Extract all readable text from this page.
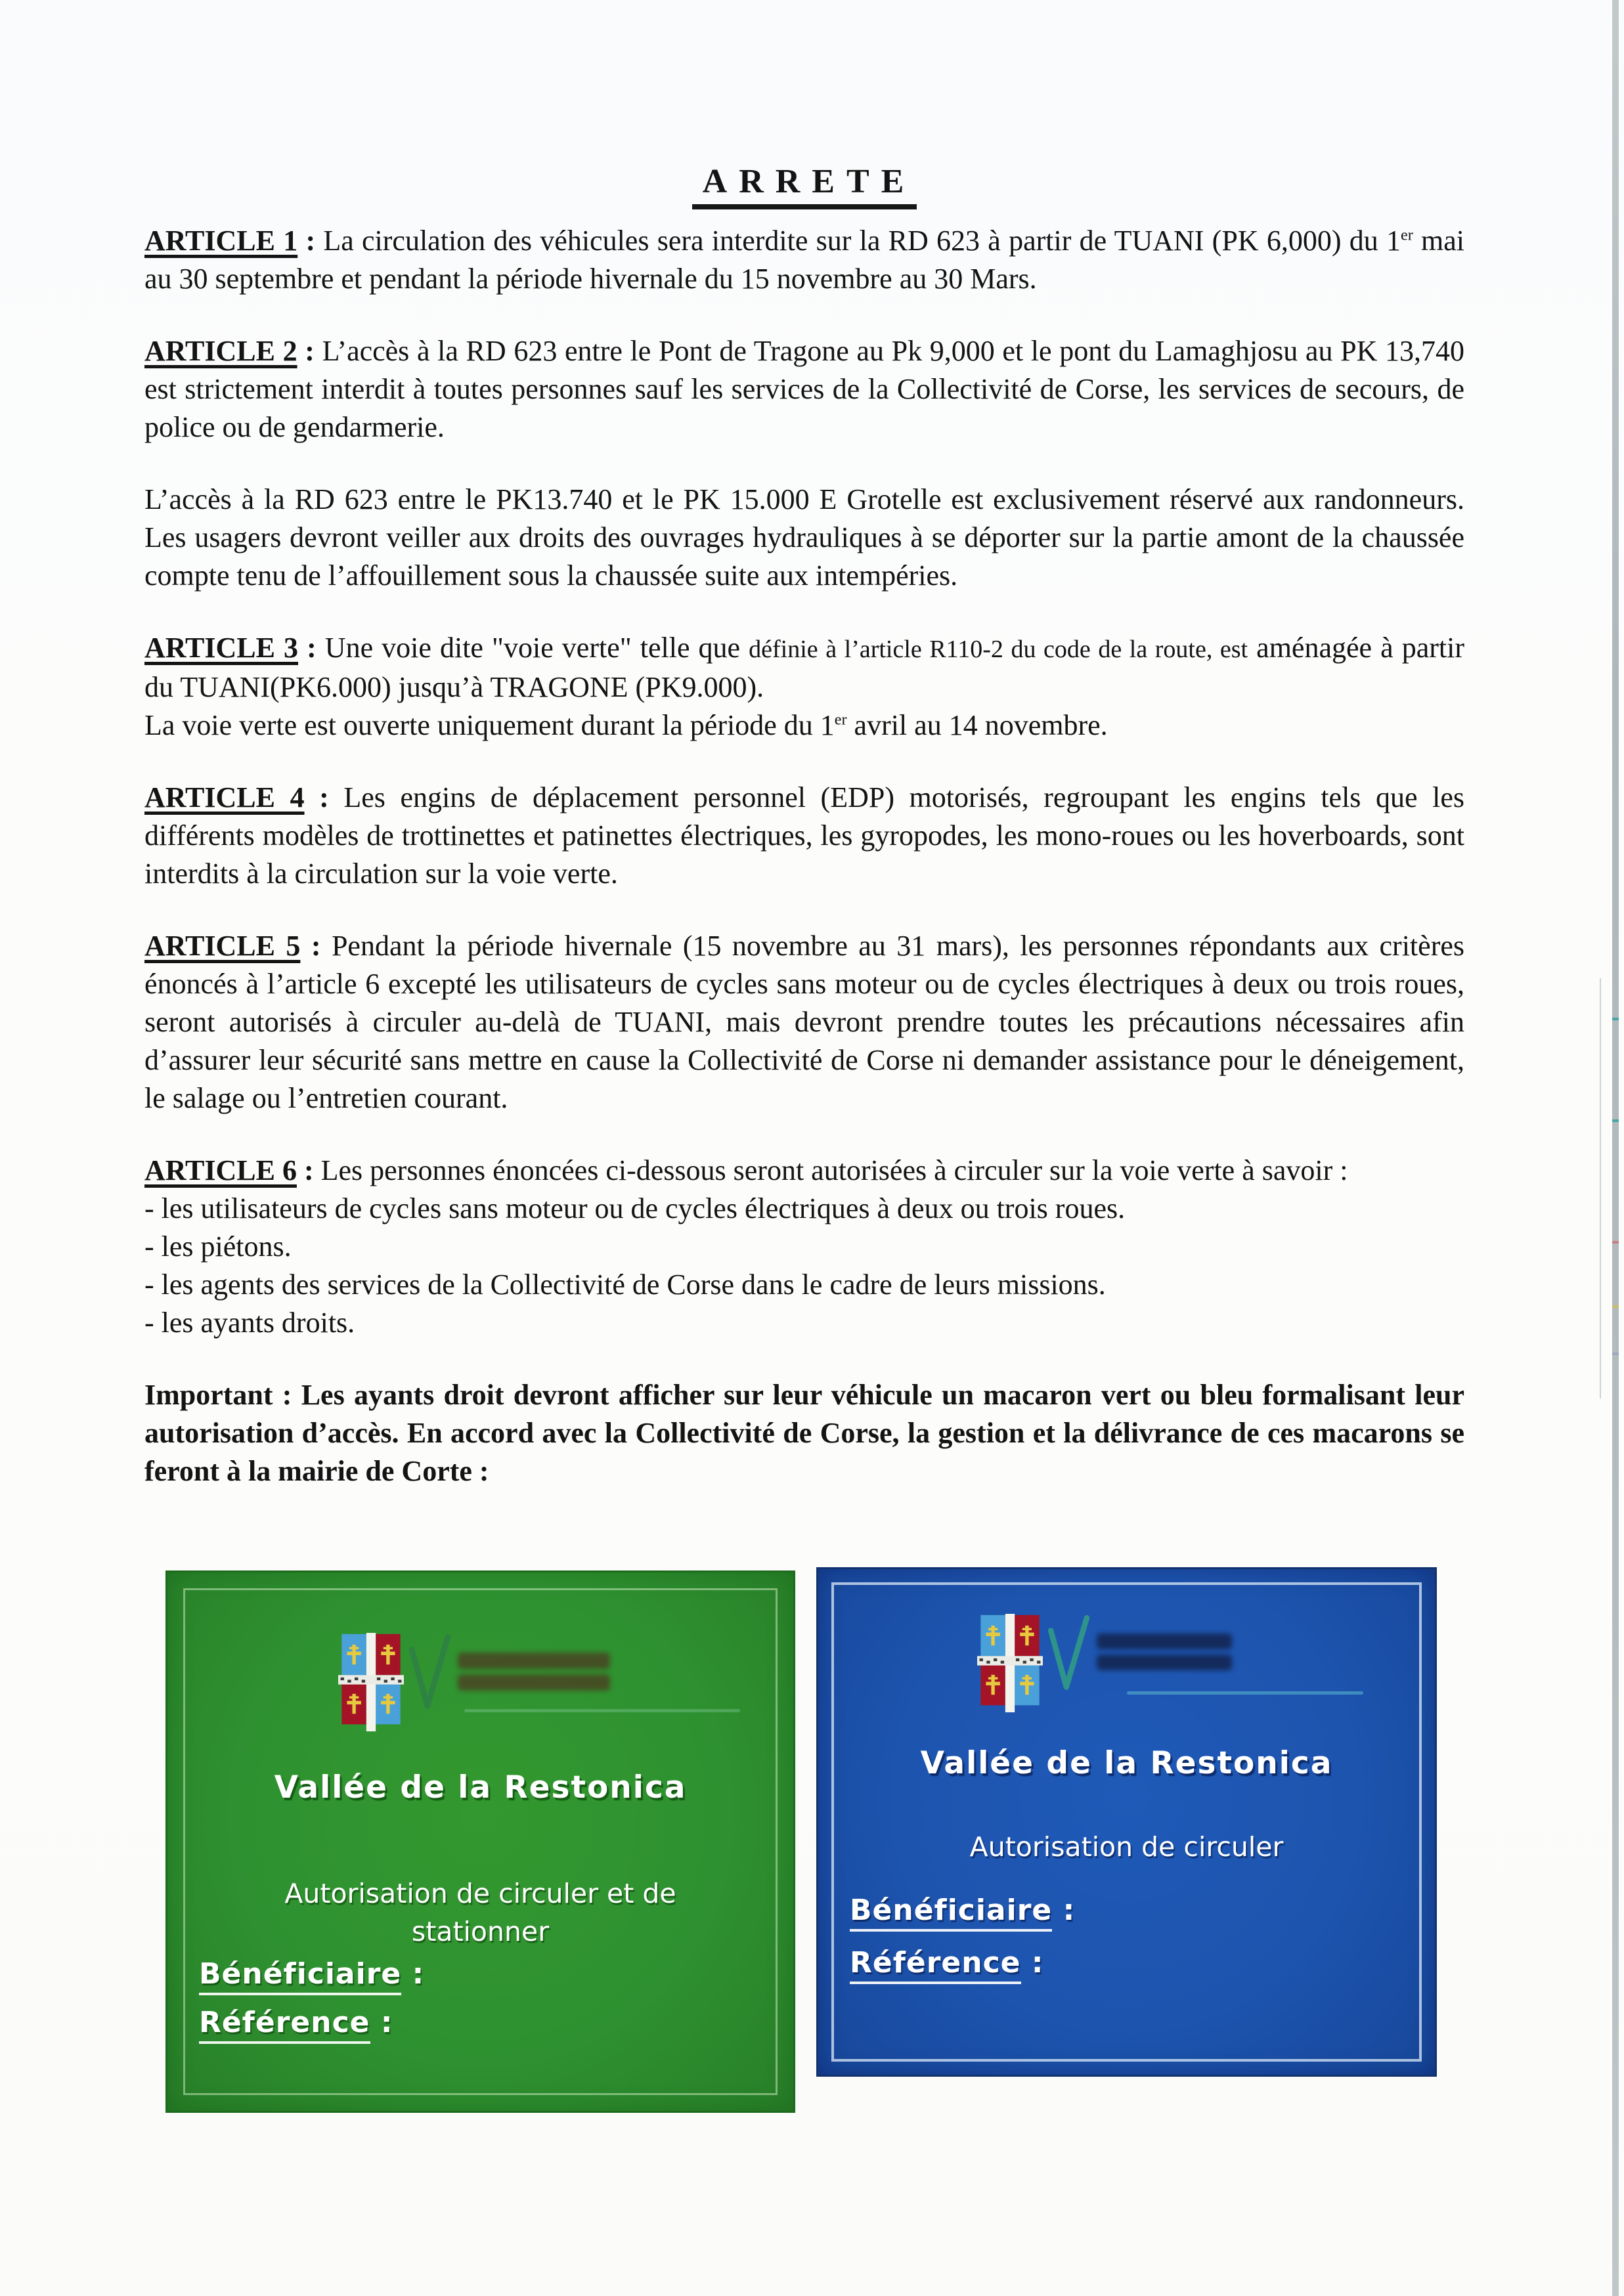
ARRETE

ARTICLE 1 : La circulation des véhicules sera interdite sur la RD 623 à partir de TUANI (PK 6,000) du 1er mai au 30 septembre et pendant la période hivernale du 15 novembre au 30 Mars.

ARTICLE 2 : L’accès à la RD 623 entre le Pont de Tragone au Pk 9,000 et le pont du Lamaghjosu au PK 13,740 est strictement interdit à toutes personnes sauf les services de la Collectivité de Corse, les services de secours, de police ou de gendarmerie.

L’accès à la RD 623 entre le PK13.740 et le PK 15.000 E Grotelle est exclusivement réservé aux randonneurs. Les usagers devront veiller aux droits des ouvrages hydrauliques à se déporter sur la partie amont de la chaussée compte tenu de l’affouillement sous la chaussée suite aux intempéries.

ARTICLE 3 : Une voie dite "voie verte" telle que définie à l’article R110-2 du code de la route, est aménagée à partir du TUANI(PK6.000) jusqu’à TRAGONE (PK9.000).
La voie verte est ouverte uniquement durant la période du 1er avril au 14 novembre.

ARTICLE 4 : Les engins de déplacement personnel (EDP) motorisés, regroupant les engins tels que les différents modèles de trottinettes et patinettes électriques, les gyropodes, les mono-roues ou les hoverboards, sont interdits à la circulation sur la voie verte.

ARTICLE 5 : Pendant la période hivernale (15 novembre au 31 mars), les personnes répondants aux critères énoncés à l’article 6 excepté les utilisateurs de cycles sans moteur ou de cycles électriques à deux ou trois roues, seront autorisés à circuler au-delà de TUANI, mais devront prendre toutes les précautions nécessaires afin d’assurer leur sécurité sans mettre en cause la Collectivité de Corse ni demander assistance pour le déneigement, le salage ou l’entretien courant.

ARTICLE 6 : Les personnes énoncées ci-dessous seront autorisées à circuler sur la voie verte à savoir :
- les utilisateurs de cycles sans moteur ou de cycles électriques à deux ou trois roues.
- les piétons.
- les agents des services de la Collectivité de Corse dans le cadre de leurs missions.
- les ayants droits.

Important : Les ayants droit devront afficher sur leur véhicule un macaron vert ou bleu formalisant leur autorisation d’accès. En accord avec la Collectivité de Corse, la gestion et la délivrance de ces macarons se feront à la mairie de Corte :

Vallée de la Restonica
Autorisation de circuler et de stationner
Bénéficiaire :
Référence :
Vallée de la Restonica
Autorisation de circuler
Bénéficiaire :
Référence :
